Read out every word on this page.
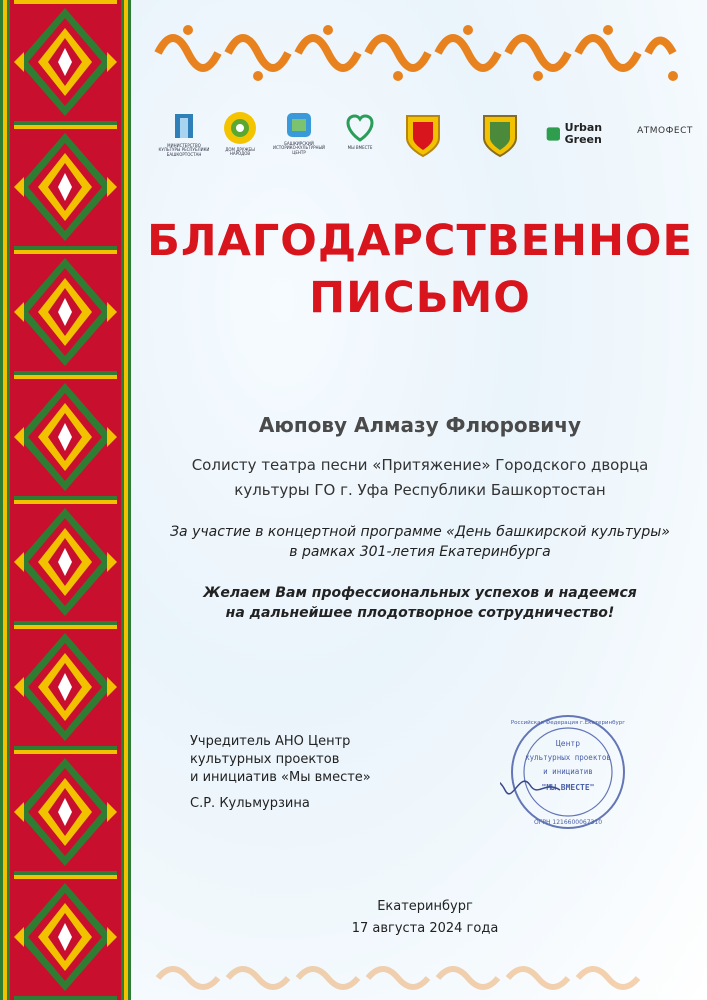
МИНИСТЕРСТВО КУЛЬТУРЫ РЕСПУБЛИКИ БАШКОРТОСТАН
ДОМ ДРУЖБЫ НАРОДОВ
БАШКИРСКИЙ ИСТОРИКО-КУЛЬТУРНЫЙ ЦЕНТР
МЫ ВМЕСТЕ
Urban Green
АТМОФЕСТ
БЛАГОДАРСТВЕННОЕ
ПИСЬМО
Аюпову Алмазу Флюровичу
Солисту театра песни «Притяжение» Городского дворца
культуры ГО г. Уфа Республики Башкортостан
За участие в концертной программе «День башкирской культуры»
в рамках 301-летия Екатеринбурга
Желаем Вам профессиональных успехов и надеемся
на дальнейшее плодотворное сотрудничество!
Учредитель АНО Центр
культурных проектов
и инициатив «Мы вместе»
С.Р. Кульмурзина
Центр
культурных проектов
и инициатив
"МЫ ВМЕСТЕ"
Российская Федерация г.Екатеринбург
ОГРН 1216600067310
Екатеринбург
17 августа 2024 года
